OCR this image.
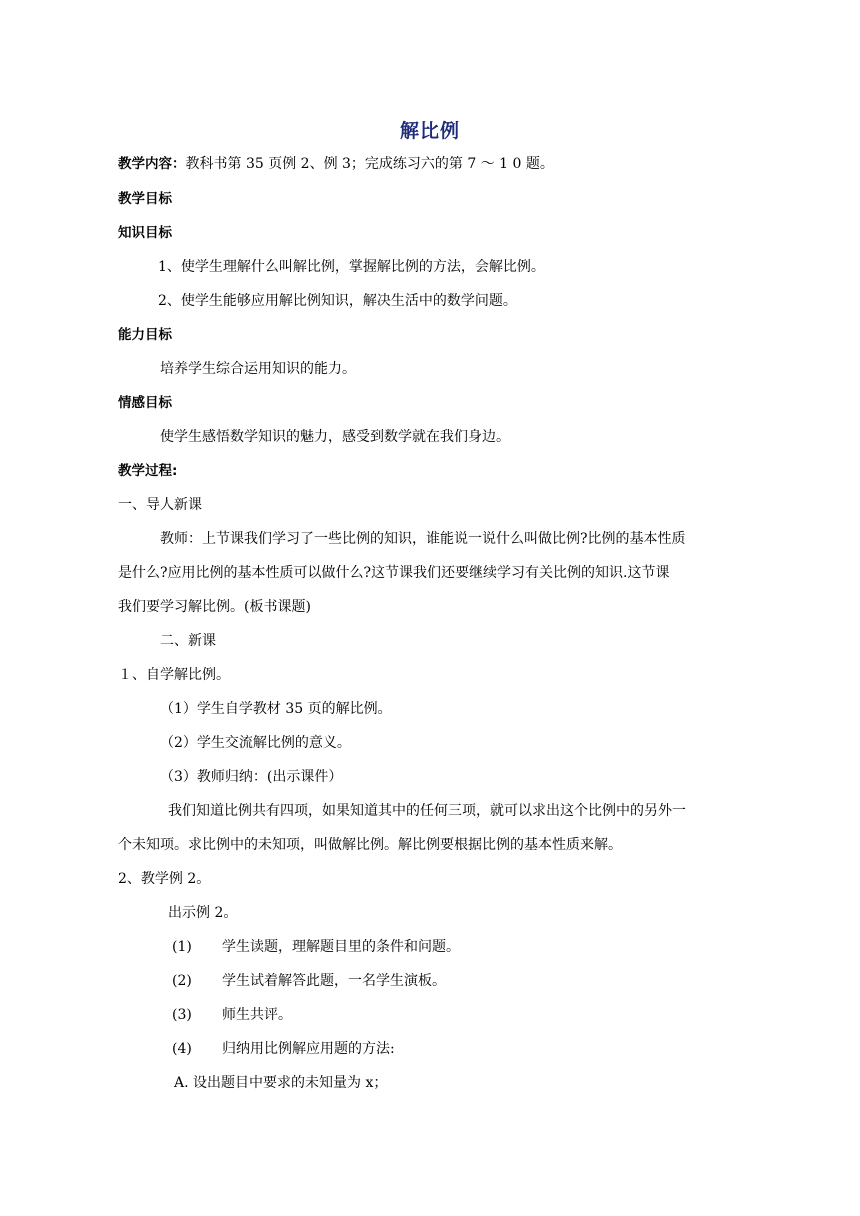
解比例
教学内容：教科书第 35 页例 2、例 3；完成练习六的第 7 ～ 1 0 题。
教学目标
知识目标
1、使学生理解什么叫解比例，掌握解比例的方法，会解比例。
2、使学生能够应用解比例知识，解决生活中的数学问题。
能力目标
培养学生综合运用知识的能力。
情感目标
使学生感悟数学知识的魅力，感受到数学就在我们身边。
教学过程:
一、导人新课
教师：上节课我们学习了一些比例的知识，谁能说一说什么叫做比例?比例的基本性质
是什么?应用比例的基本性质可以做什么?这节课我们还要继续学习有关比例的知识.这节课
我们要学习解比例。(板书课题)
二、新课
１、自学解比例。
（1）学生自学教材 35 页的解比例。
（2）学生交流解比例的意义。
（3）教师归纳：(出示课件）
我们知道比例共有四项，如果知道其中的任何三项，就可以求出这个比例中的另外一
个未知项。求比例中的未知项，叫做解比例。解比例要根据比例的基本性质来解。
2、教学例 2。
出示例 2。
(1) 学生读题，理解题目里的条件和问题。
(2) 学生试着解答此题，一名学生演板。
(3) 师生共评。
(4) 归纳用比例解应用题的方法:
A. 设出题目中要求的未知量为 x；
